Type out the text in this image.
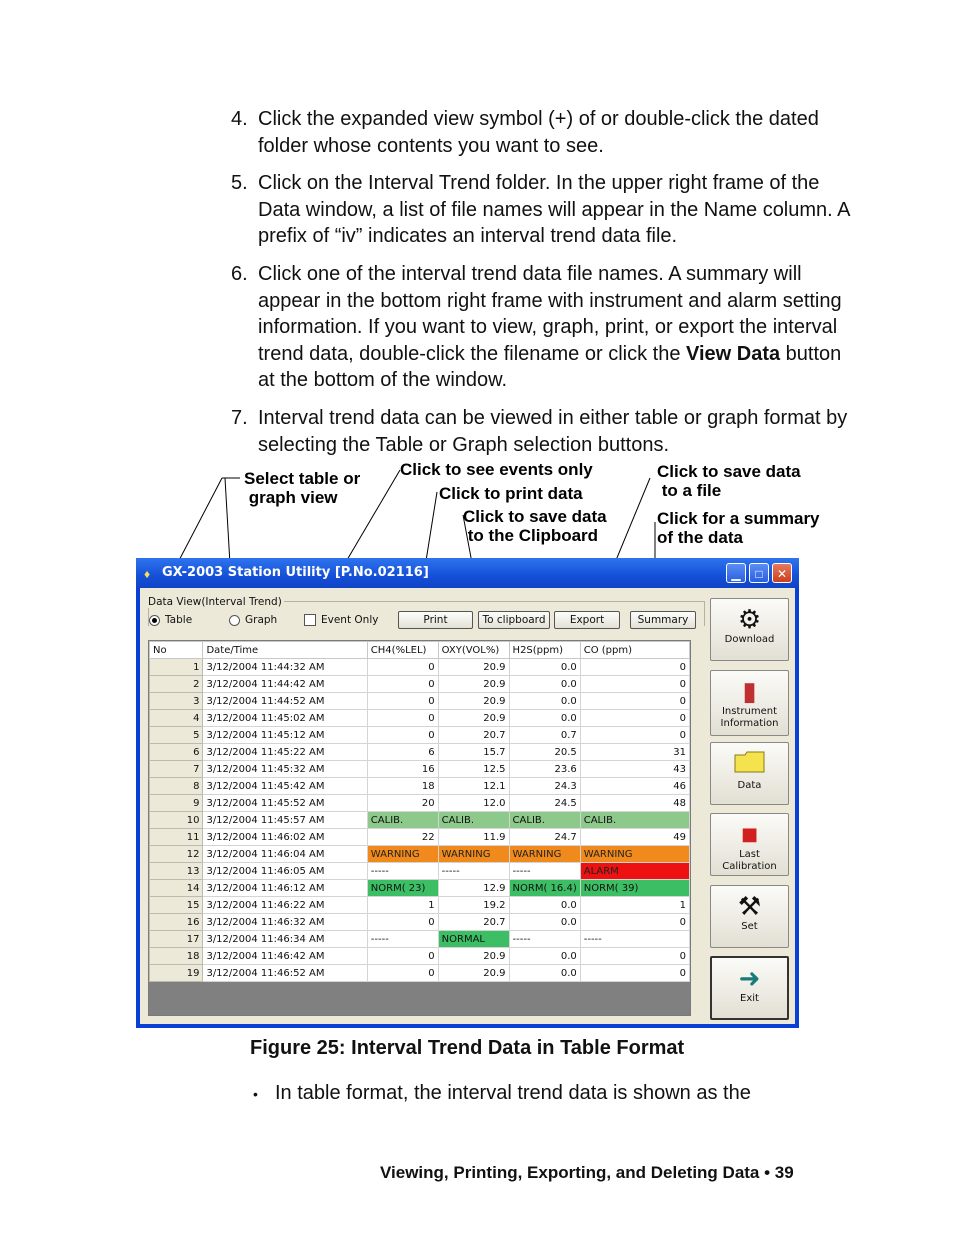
4. Click the expanded view symbol (+) of or double-click the dated folder whose contents you want to see.
5. Click on the Interval Trend folder. In the upper right frame of the Data window, a list of file names will appear in the Name column. A prefix of “iv” indicates an interval trend data file.
6. Click one of the interval trend data file names. A summary will appear in the bottom right frame with instrument and alarm setting information. If you want to view, graph, print, or export the interval trend data, double-click the filename or click the View Data button at the bottom of the window.
7. Interval trend data can be viewed in either table or graph format by selecting the Table or Graph selection buttons.
Select table or
graph view
Click to see events only
Click to print data
Click to save data
to the Clipboard
Click to save data
to a file
Click for a summary
of the data
♦ GX-2003 Station Utility [P.No.02116]	▁	□	✕
Data View(Interval Trend)
Table	Graph	Event Only	Print	To clipboard	Export	Summary
No	Date/Time	CH4(%LEL)	OXY(VOL%)	H2S(ppm)	CO (ppm)
1	3/12/2004 11:44:32 AM	0	20.9	0.0	0
2	3/12/2004 11:44:42 AM	0	20.9	0.0	0
3	3/12/2004 11:44:52 AM	0	20.9	0.0	0
4	3/12/2004 11:45:02 AM	0	20.9	0.0	0
5	3/12/2004 11:45:12 AM	0	20.7	0.7	0
6	3/12/2004 11:45:22 AM	6	15.7	20.5	31
7	3/12/2004 11:45:32 AM	16	12.5	23.6	43
8	3/12/2004 11:45:42 AM	18	12.1	24.3	46
9	3/12/2004 11:45:52 AM	20	12.0	24.5	48
10	3/12/2004 11:45:57 AM	CALIB.	CALIB.	CALIB.	CALIB.
11	3/12/2004 11:46:02 AM	22	11.9	24.7	49
12	3/12/2004 11:46:04 AM	WARNING	WARNING	WARNING	WARNING
13	3/12/2004 11:46:05 AM	-----	-----	-----	ALARM
14	3/12/2004 11:46:12 AM	NORM( 23)	12.9	NORM( 16.4)	NORM( 39)
15	3/12/2004 11:46:22 AM	1	19.2	0.0	1
16	3/12/2004 11:46:32 AM	0	20.7	0.0	0
17	3/12/2004 11:46:34 AM	-----	NORMAL	-----	-----
18	3/12/2004 11:46:42 AM	0	20.9	0.0	0
19	3/12/2004 11:46:52 AM	0	20.9	0.0	0
⚙
Download
▮
Instrument
Information
Data
■
Last
Calibration
⚒
Set
➜
Exit
Figure 25: Interval Trend Data in Table Format
• In table format, the interval trend data is shown as the
Viewing, Printing, Exporting, and Deleting Data • 39
